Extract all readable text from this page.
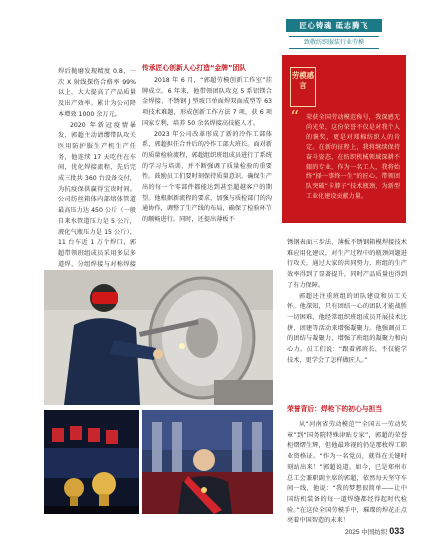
匠心铸魂 砥志腾飞
致敬纺织服装行业劳模

焊后抛磨发现精度 0.8，一次 X 射线探伤合格率 99% 以上，大大提高了产品质量及出产效率。累计为公司降本增效 1000 余万元。

2020 年新冠疫情暴发，郭超主动请缨带队攻关医用防护服生产机生产任务，他连续 17 天吃住在车间，优化焊接流程，先后完成三批共 360 台设备交付，为抗疫保供赢得宝贵时间。公司纺丝箱体内部熔体管道最高压力达 450 公斤（一般自来水管道压力是 5 公斤，液化气瓶压力是 15 公斤），11 台车近 1 万个焊口，郭超带领班组成员采用多层多道焊、分组焊接与对称焊接

传承匠心创新人心打造“金牌”团队

2018 年 6 月，“郭超劳模创新工作室”挂牌成立。6 年来，他带领团队攻克 5 系铝镁合金焊接、不锈钢 J 型坡口单面焊双面成型等 63 项技术难题，形成创新工作方法 7 项，获 6 项国家专利，培养 50 余名焊接高技能人才。

2023 年公司改革形成了新的冷作工部体系，郭超担任合并后的冷作工部大班长。面对新的质量检验流程，郭超组织班组成员进行了系统的学习与培训，并不断强调了质量检验的重要性。鼓励员工们要时刻保持质量意识，确保生产出的每一个零部件都能达到甚至超越客户的期望。他根据新流程的要求，加强与质检部门的沟通协作，调整了生产线的布局，确保了检验环节的顺畅进行。同时，还提出薄板不

劳模感言
“ 荣获全国劳动模范称号，我深感无尚光荣，这份荣誉不仅是对我个人的褒奖，更是对郑棉纺织人的肯定。在新的征程上，我将继续保持奋斗姿态，在纺织机械领域深耕不辍的专业，作为一名工人，我将始终“择一事终一生”的匠心，带领团队突破“卡脖子”技术瓶颈，为新型工业化建设贡献力量。

锈钢表面三步法，薄板不锈钢箱模焊接技术难应用化建议，对生产过程中的瓶颈问题进行攻关，通过大家的共同努力，班组的生产效率得到了显著提升，同时产品质量也得到了有力保障。

郭超还注重班组的团队建设和员工关怀。他深知，只有团结一心的团队才能战胜一切困难，他经常组织班组成员开展技术比拼、团建等活动来增强凝聚力。他强调员工的团结与凝聚力，增强了班组的凝聚力和向心力。员工们说：“跟着郭班长，不仅能学技术，更学会了怎样做匠人。”

荣誉背后：焊枪下的初心与担当

从“河南省劳动模范”“全国五一劳动奖章”到“国务院特殊津贴专家”，郭超的荣誉柜熠熠生辉，但他最珍视的仍是那枚焊工职业资格证。“作为一名党员，就得在关键时刻站出来！”郭超说道。如今，已是郑州市总工会兼职副主席的郭超，依然每天坚守车间一线，他说：“我的梦想很简单——让中国纺机装备的每一道焊缝都经得起时代检验。”在这位全国劳模手中，璀璨的焊花正点亮着中国智造的未来！

2025 中国纺织 033
